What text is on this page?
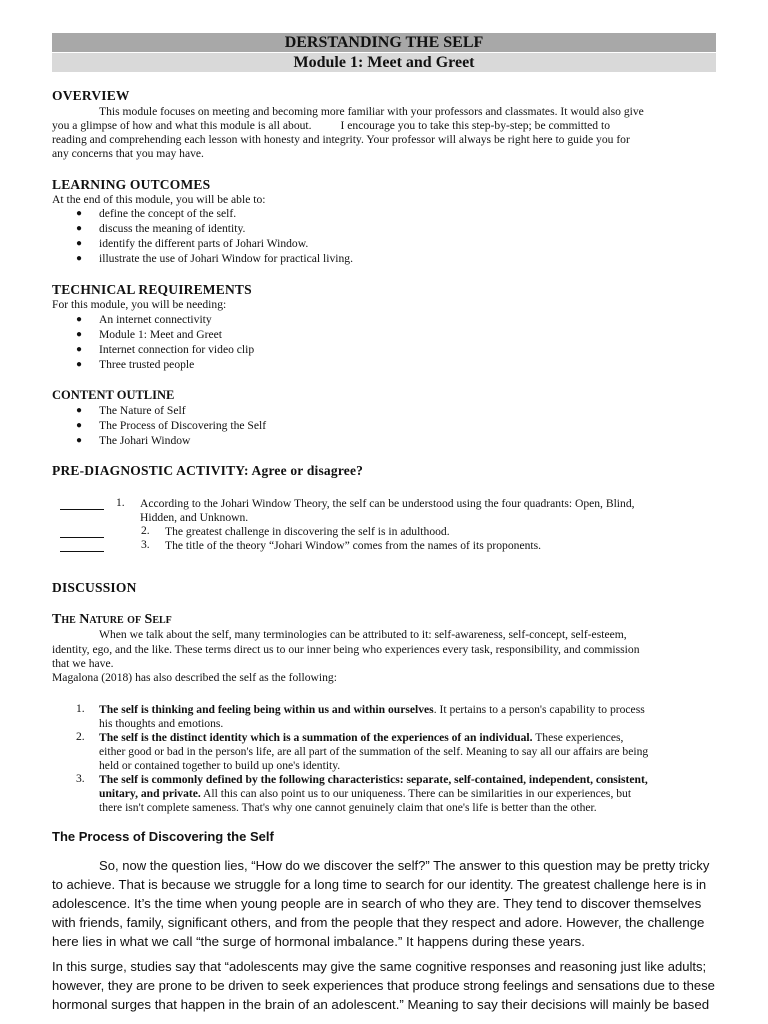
DERSTANDING THE SELF
Module 1: Meet and Greet
OVERVIEW
This module focuses on meeting and becoming more familiar with your professors and classmates. It would also give
you a glimpse of how and what this module is all about.          I encourage you to take this step-by-step; be committed to
reading and comprehending each lesson with honesty and integrity. Your professor will always be right here to guide you for
any concerns that you may have.
LEARNING OUTCOMES
At the end of this module, you will be able to:
● define the concept of the self.
● discuss the meaning of identity.
● identify the different parts of Johari Window.
● illustrate the use of Johari Window for practical living.
TECHNICAL REQUIREMENTS
For this module, you will be needing:
● An internet connectivity
● Module 1: Meet and Greet
● Internet connection for video clip
● Three trusted people
CONTENT OUTLINE
● The Nature of Self
● The Process of Discovering the Self
● The Johari Window
PRE-DIAGNOSTIC ACTIVITY: Agree or disagree?
1. According to the Johari Window Theory, the self can be understood using the four quadrants: Open, Blind,
Hidden, and Unknown.
2. The greatest challenge in discovering the self is in adulthood.
3. The title of the theory “Johari Window” comes from the names of its proponents.
DISCUSSION
The Nature of Self
When we talk about the self, many terminologies can be attributed to it: self-awareness, self-concept, self-esteem,
identity, ego, and the like. These terms direct us to our inner being who experiences every task, responsibility, and commission
that we have.
Magalona (2018) has also described the self as the following:
1. The self is thinking and feeling being within us and within ourselves. It pertains to a person's capability to process
his thoughts and emotions.
2. The self is the distinct identity which is a summation of the experiences of an individual. These experiences,
either good or bad in the person's life, are all part of the summation of the self. Meaning to say all our affairs are being
held or contained together to build up one's identity.
3. The self is commonly defined by the following characteristics: separate, self-contained, independent, consistent,
unitary, and private. All this can also point us to our uniqueness. There can be similarities in our experiences, but
there isn't complete sameness. That's why one cannot genuinely claim that one's life is better than the other.
The Process of Discovering the Self
So, now the question lies, “How do we discover the self?” The answer to this question may be pretty tricky
to achieve. That is because we struggle for a long time to search for our identity. The greatest challenge here is in
adolescence. It’s the time when young people are in search of who they are. They tend to discover themselves
with friends, family, significant others, and from the people that they respect and adore. However, the challenge
here lies in what we call “the surge of hormonal imbalance.” It happens during these years.
In this surge, studies say that “adolescents may give the same cognitive responses and reasoning just like adults;
however, they are prone to be driven to seek experiences that produce strong feelings and sensations due to these
hormonal surges that happen in the brain of an adolescent.” Meaning to say their decisions will mainly be based
